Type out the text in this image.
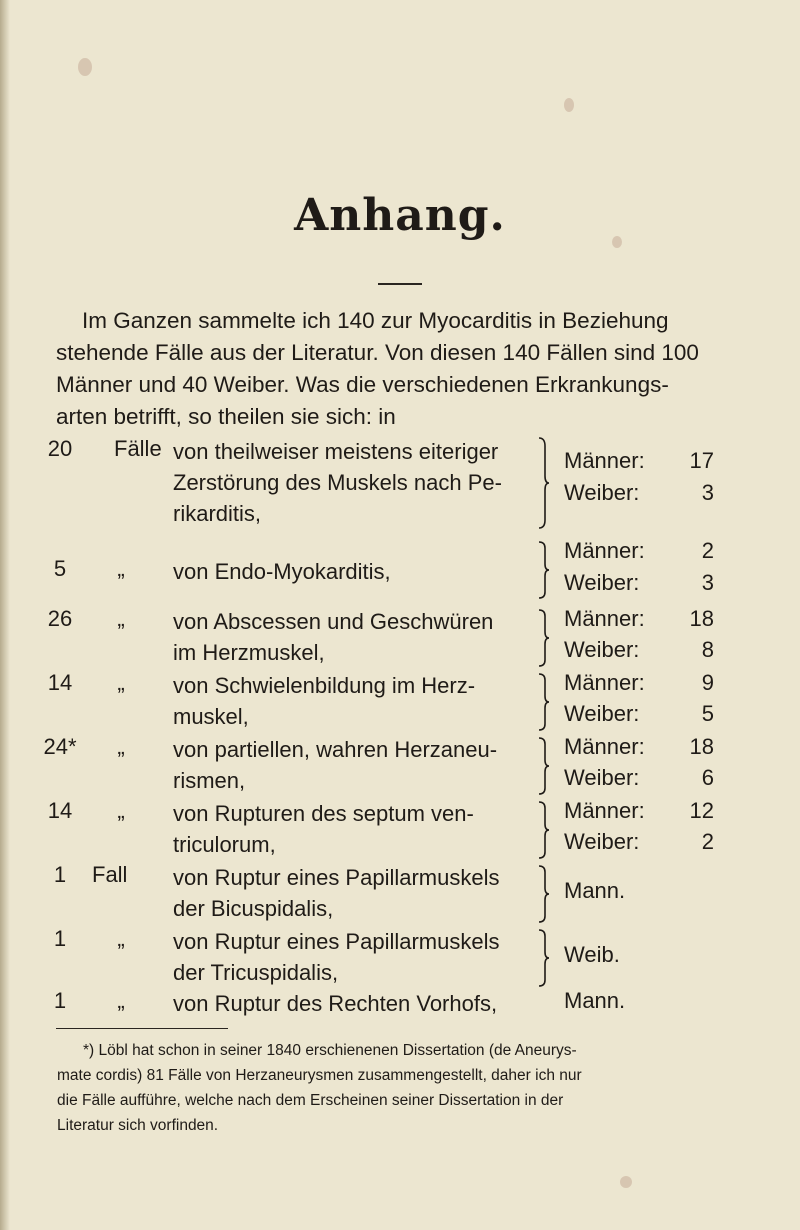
Anhang.
Im Ganzen sammelte ich 140 zur Myocarditis in Beziehung
stehende Fälle aus der Literatur. Von diesen 140 Fällen sind 100
Männer und 40 Weiber. Was die verschiedenen Erkrankungs-
arten betrifft, so theilen sie sich: in
20	Fälle von theilweiser meistens eiteriger
Zerstörung des Muskels nach Pe-
rikarditis,
Männer: 17
Weiber:	3
5	„	von Endo-Myokarditis,
Männer:	2
Weiber:	3
26	„	von Abscessen und Geschwüren
im Herzmuskel,
Männer: 18
Weiber:	8
14	„	von Schwielenbildung im Herz-
muskel,
Männer:	9
Weiber:	5
24*	„	von partiellen, wahren Herzaneu-
rismen,
Männer: 18
Weiber:	6
14	„	von Rupturen des septum ven-
triculorum,
Männer: 12
Weiber:	2
1	Fall von Ruptur eines Papillarmuskels
der Bicuspidalis,
Mann.
1	„	von Ruptur eines Papillarmuskels
der Tricuspidalis,
Weib.
1	„	von Ruptur des Rechten Vorhofs,	Mann.
*) Löbl hat schon in seiner 1840 erschienenen Dissertation (de Aneurys-
mate cordis) 81 Fälle von Herzaneurysmen zusammengestellt, daher ich nur
die Fälle aufführe, welche nach dem Erscheinen seiner Dissertation in der
Literatur sich vorfinden.
